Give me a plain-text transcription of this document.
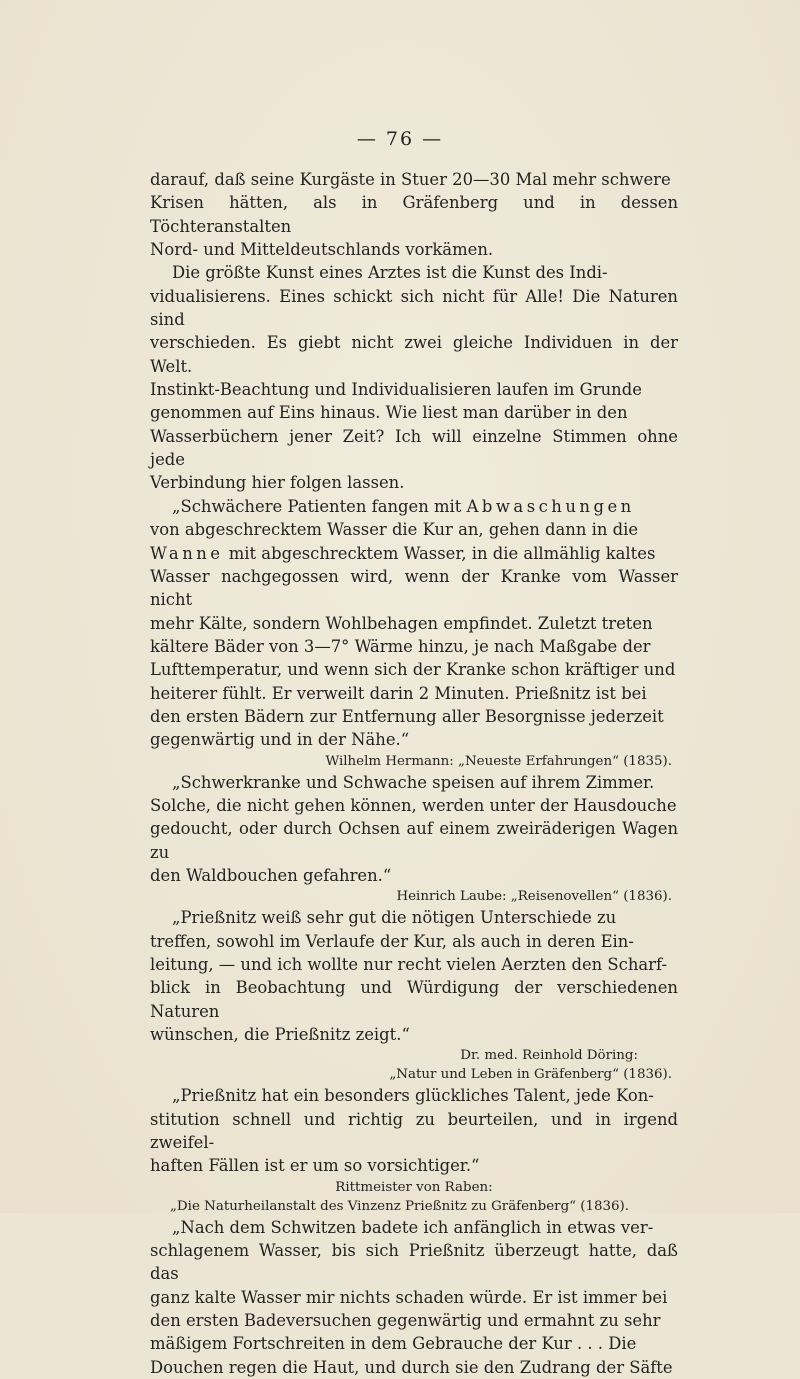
— 76 —

darauf, daß seine Kurgäste in Stuer 20—30 Mal mehr schwere
Krisen hätten, als in Gräfenberg und in dessen Töchteranstalten
Nord- und Mitteldeutschlands vorkämen.

Die größte Kunst eines Arztes ist die Kunst des Indi-
vidualisierens. Eines schickt sich nicht für Alle! Die Naturen sind
verschieden. Es giebt nicht zwei gleiche Individuen in der Welt.
Instinkt-Beachtung und Individualisieren laufen im Grunde
genommen auf Eins hinaus. Wie liest man darüber in den
Wasserbüchern jener Zeit? Ich will einzelne Stimmen ohne jede
Verbindung hier folgen lassen.

„Schwächere Patienten fangen mit Abwaschungen
von abgeschrecktem Wasser die Kur an, gehen dann in die
Wanne mit abgeschrecktem Wasser, in die allmählig kaltes
Wasser nachgegossen wird, wenn der Kranke vom Wasser nicht
mehr Kälte, sondern Wohlbehagen empfindet. Zuletzt treten
kältere Bäder von 3—7° Wärme hinzu, je nach Maßgabe der
Lufttemperatur, und wenn sich der Kranke schon kräftiger und
heiterer fühlt. Er verweilt darin 2 Minuten. Prießnitz ist bei
den ersten Bädern zur Entfernung aller Besorgnisse jederzeit
gegenwärtig und in der Nähe.“

Wilhelm Hermann: „Neueste Erfahrungen“ (1835).

„Schwerkranke und Schwache speisen auf ihrem Zimmer.
Solche, die nicht gehen können, werden unter der Hausdouche
gedoucht, oder durch Ochsen auf einem zweiräderigen Wagen zu
den Waldbouchen gefahren.“

Heinrich Laube: „Reisenovellen“ (1836).

„Prießnitz weiß sehr gut die nötigen Unterschiede zu
treffen, sowohl im Verlaufe der Kur, als auch in deren Ein-
leitung, — und ich wollte nur recht vielen Aerzten den Scharf-
blick in Beobachtung und Würdigung der verschiedenen Naturen
wünschen, die Prießnitz zeigt.“

Dr. med. Reinhold Döring:

„Natur und Leben in Gräfenberg“ (1836).

„Prießnitz hat ein besonders glückliches Talent, jede Kon-
stitution schnell und richtig zu beurteilen, und in irgend zweifel-
haften Fällen ist er um so vorsichtiger.“

Rittmeister von Raben:

„Die Naturheilanstalt des Vinzenz Prießnitz zu Gräfenberg“ (1836).

„Nach dem Schwitzen badete ich anfänglich in etwas ver-
schlagenem Wasser, bis sich Prießnitz überzeugt hatte, daß das
ganz kalte Wasser mir nichts schaden würde. Er ist immer bei
den ersten Badeversuchen gegenwärtig und ermahnt zu sehr
mäßigem Fortschreiten in dem Gebrauche der Kur . . . Die
Douchen regen die Haut, und durch sie den Zudrang der Säfte
